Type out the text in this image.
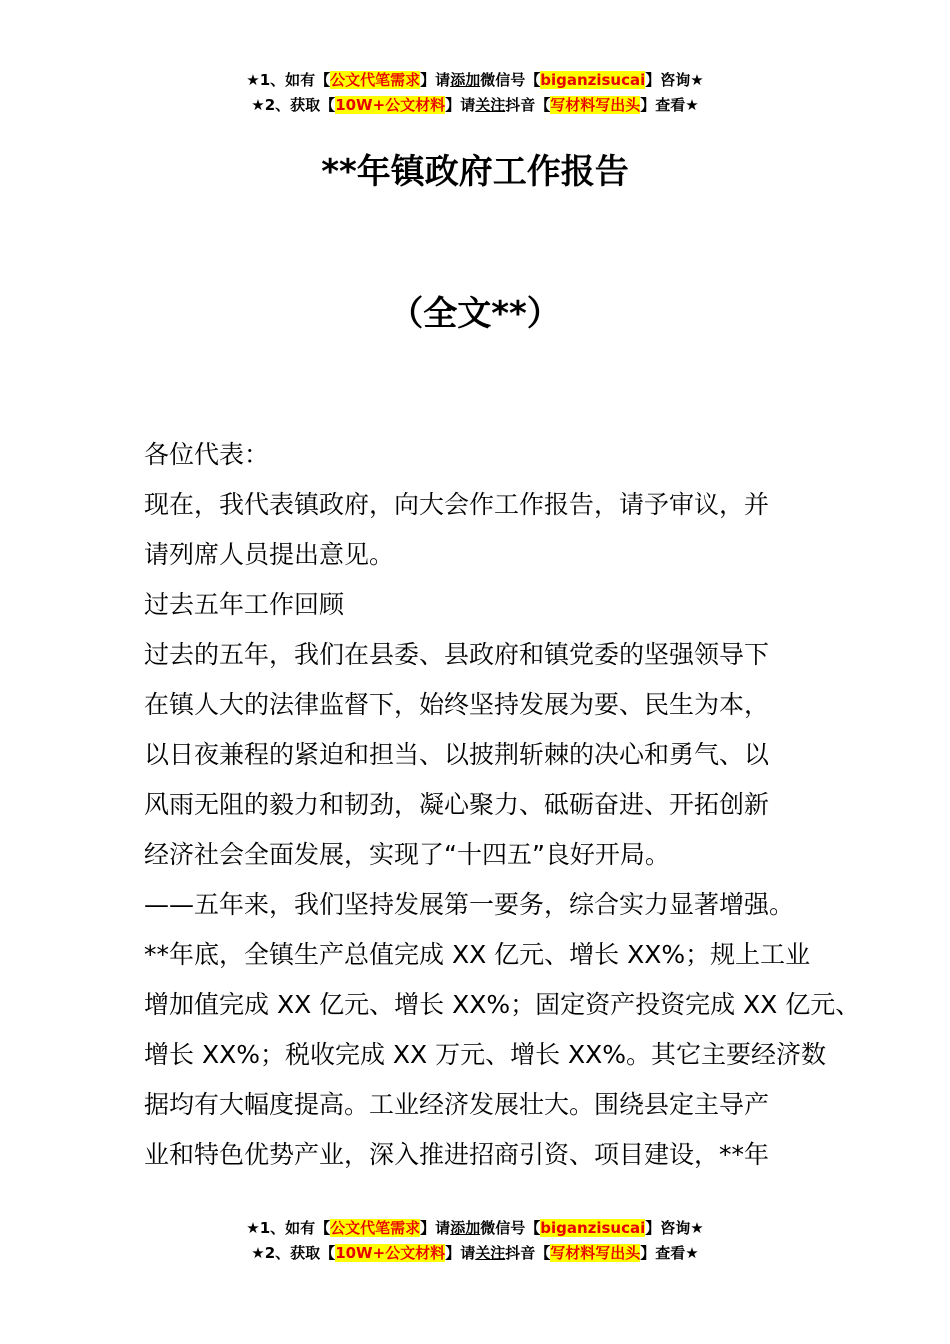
★1、如有【公文代笔需求】请添加微信号【biganzisucai】咨询★
★2、获取【10W+公文材料】请关注抖音【写材料写出头】查看★
**年镇政府工作报告
（全文**）
各位代表：
现在，我代表镇政府，向大会作工作报告，请予审议，并
请列席人员提出意见。
过去五年工作回顾
过去的五年，我们在县委、县政府和镇党委的坚强领导下
在镇人大的法律监督下，始终坚持发展为要、民生为本，
以日夜兼程的紧迫和担当、以披荆斩棘的决心和勇气、以
风雨无阻的毅力和韧劲，凝心聚力、砥砺奋进、开拓创新
经济社会全面发展，实现了“十四五”良好开局。
——五年来，我们坚持发展第一要务，综合实力显著增强。
**年底，全镇生产总值完成 XX 亿元、增长 XX%；规上工业
增加值完成 XX 亿元、增长 XX%；固定资产投资完成 XX 亿元、
增长 XX%；税收完成 XX 万元、增长 XX%。其它主要经济数
据均有大幅度提高。工业经济发展壮大。围绕县定主导产
业和特色优势产业，深入推进招商引资、项目建设，**年
★1、如有【公文代笔需求】请添加微信号【biganzisucai】咨询★
★2、获取【10W+公文材料】请关注抖音【写材料写出头】查看★
